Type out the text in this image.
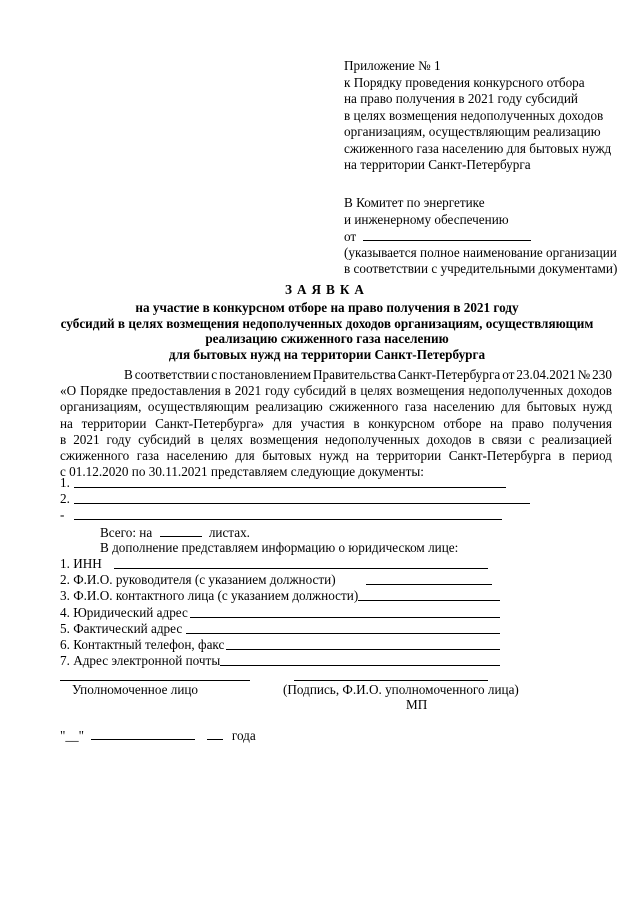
Приложение № 1
к Порядку проведения конкурсного отбора
на право получения в 2021 году субсидий
в целях возмещения недополученных доходов
организациям, осуществляющим реализацию
сжиженного газа населению для бытовых нужд
на территории Санкт-Петербурга
В Комитет по энергетике
и инженерному обеспечению
от
(указывается полное наименование организации
в соответствии с учредительными документами)
ЗАЯВКА
на участие в конкурсном отборе на право получения в 2021 году
субсидий в целях возмещения недополученных доходов организациям, осуществляющим
реализацию сжиженного газа населению
для бытовых нужд на территории Санкт-Петербурга
В соответствии с постановлением Правительства Санкт-Петербурга от 23.04.2021 № 230
«О Порядке предоставления в 2021 году субсидий в целях возмещения недополученных доходов
организациям, осуществляющим реализацию сжиженного газа населению для бытовых нужд
на территории Санкт-Петербурга» для участия в конкурсном отборе на право получения
в 2021 году субсидий в целях возмещения недополученных доходов в связи с реализацией
сжиженного газа населению для бытовых нужд на территории Санкт-Петербурга в период
с 01.12.2020 по 30.11.2021 представляем следующие документы:
1.
2.
-
Всего: на	листах.
В дополнение представляем информацию о юридическом лице:
1. ИНН
2. Ф.И.О. руководителя (с указанием должности)
3. Ф.И.О. контактного лица (с указанием должности)
4. Юридический адрес
5. Фактический адрес
6. Контактный телефон, факс
7. Адрес электронной почты
Уполномоченное лицо	(Подпись, Ф.И.О. уполномоченного лица)
МП
"__"	года
